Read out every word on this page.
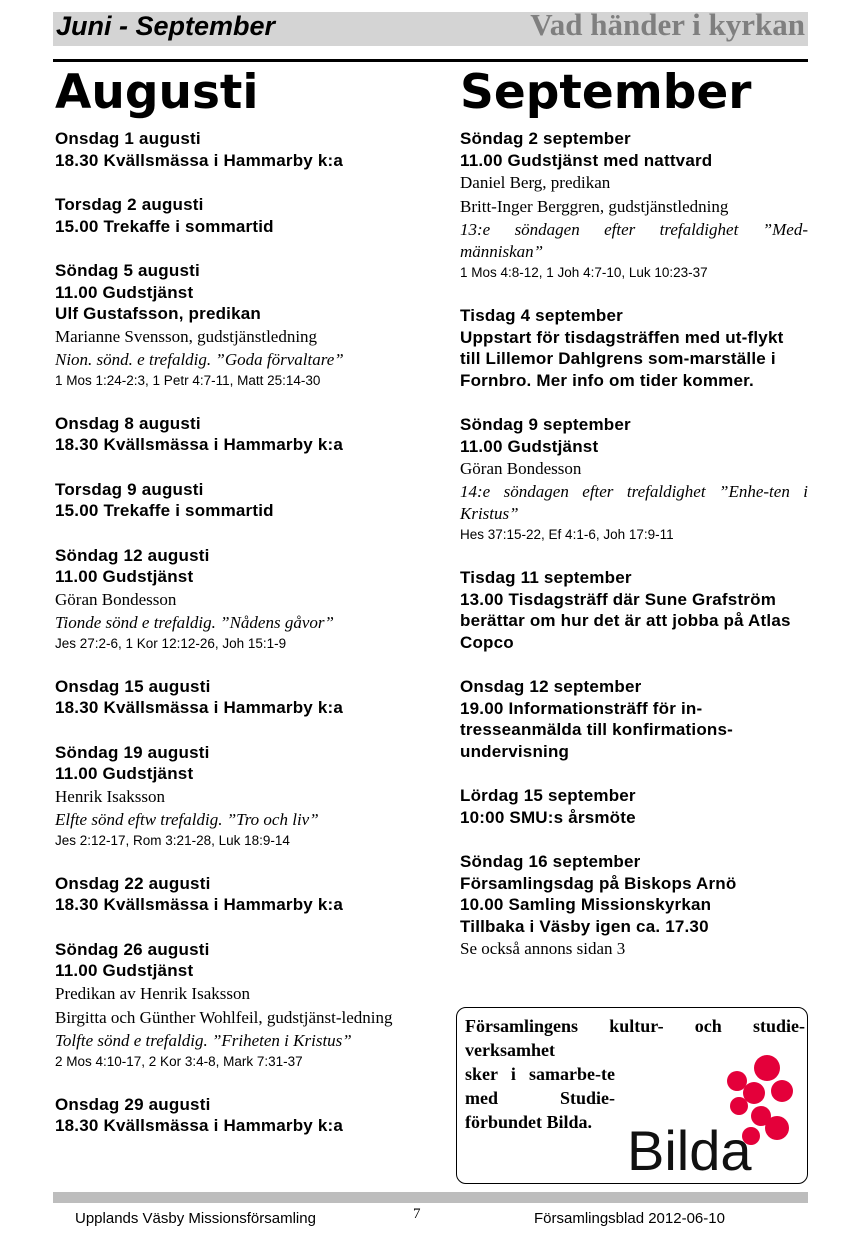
Juni - September	Vad händer i kyrkan
Augusti
Onsdag 1 augusti
18.30 Kvällsmässa i Hammarby k:a
Torsdag 2 augusti
15.00 Trekaffe i sommartid
Söndag 5 augusti
11.00 Gudstjänst
Ulf Gustafsson, predikan
Marianne Svensson, gudstjänstledning
Nion. sönd. e trefaldig. ”Goda förvaltare”
1 Mos 1:24-2:3, 1 Petr 4:7-11, Matt 25:14-30
Onsdag 8 augusti
18.30 Kvällsmässa i Hammarby k:a
Torsdag 9 augusti
15.00 Trekaffe i sommartid
Söndag 12 augusti
11.00 Gudstjänst
Göran Bondesson
Tionde sönd e trefaldig. ”Nådens gåvor”
Jes 27:2-6, 1 Kor 12:12-26, Joh 15:1-9
Onsdag 15 augusti
18.30 Kvällsmässa i Hammarby k:a
Söndag 19 augusti
11.00 Gudstjänst
Henrik Isaksson
Elfte sönd eftw trefaldig. ”Tro och liv”
Jes 2:12-17, Rom 3:21-28, Luk 18:9-14
Onsdag 22 augusti
18.30 Kvällsmässa i Hammarby k:a
Söndag 26 augusti
11.00 Gudstjänst
Predikan av Henrik Isaksson
Birgitta och Günther Wohlfeil, gudstjänst-ledning
Tolfte sönd e trefaldig. ”Friheten i Kristus”
2 Mos 4:10-17, 2 Kor 3:4-8, Mark 7:31-37
Onsdag 29 augusti
18.30 Kvällsmässa i Hammarby k:a
September
Söndag 2 september
11.00 Gudstjänst med nattvard
Daniel Berg, predikan
Britt-Inger Berggren, gudstjänstledning
13:e söndagen efter trefaldighet ”Med-människan”
1 Mos 4:8-12, 1 Joh 4:7-10, Luk 10:23-37
Tisdag 4 september
Uppstart för tisdagsträffen med ut-flykt till Lillemor Dahlgrens som-marställe i Fornbro. Mer info om tider kommer.
Söndag 9 september
11.00 Gudstjänst
Göran Bondesson
14:e söndagen efter trefaldighet ”Enhe-ten i Kristus”
Hes 37:15-22, Ef 4:1-6, Joh 17:9-11
Tisdag 11 september
13.00 Tisdagsträff där Sune Grafström berättar om hur det är att jobba på Atlas Copco
Onsdag 12 september
19.00 Informationsträff för in-tresseanmälda till konfirmations-undervisning
Lördag 15 september
10:00 SMU:s årsmöte
Söndag 16 september
Församlingsdag på Biskops Arnö
10.00 Samling Missionskyrkan
Tillbaka i Väsby igen ca. 17.30
Se också annons sidan 3
Församlingens kultur- och studie-
verksamhet
sker i samarbe-te med Studie-förbundet Bilda. Bilda
Upplands Väsby Missionsförsamling	7	Församlingsblad 2012-06-10
